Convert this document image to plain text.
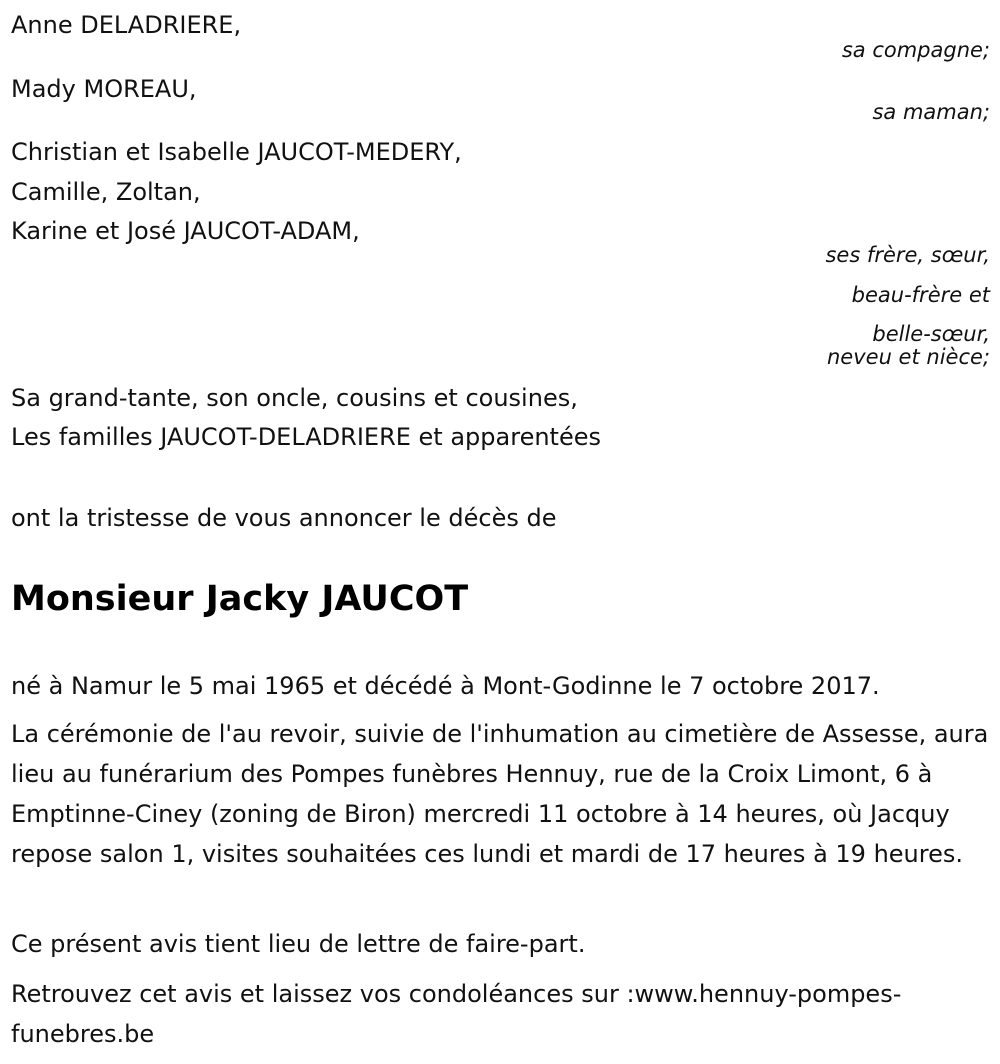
Anne DELADRIERE,
sa compagne;
Mady MOREAU,
sa maman;
Christian et Isabelle JAUCOT-MEDERY,
Camille, Zoltan,
Karine et José JAUCOT-ADAM,
ses frère, sœur,
beau-frère et
belle-sœur,
neveu et nièce;
Sa grand-tante, son oncle, cousins et cousines,
Les familles JAUCOT-DELADRIERE et apparentées
ont la tristesse de vous annoncer le décès de
Monsieur Jacky JAUCOT
né à Namur le 5 mai 1965 et décédé à Mont-Godinne le 7 octobre 2017.
La cérémonie de l'au revoir, suivie de l'inhumation au cimetière de Assesse, aura lieu au funérarium des Pompes funèbres Hennuy, rue de la Croix Limont, 6 à Emptinne-Ciney (zoning de Biron) mercredi 11 octobre à 14 heures, où Jacquy repose salon 1, visites souhaitées ces lundi et mardi de 17 heures à 19 heures.
Ce présent avis tient lieu de lettre de faire-part.
Retrouvez cet avis et laissez vos condoléances sur :www.hennuy-pompes-funebres.be
